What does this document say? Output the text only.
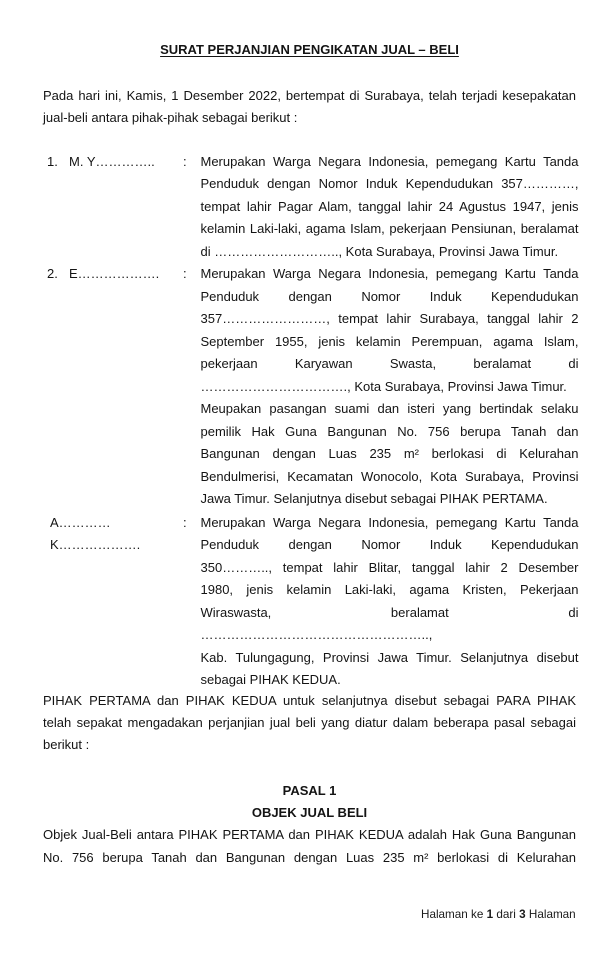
SURAT PERJANJIAN PENGIKATAN JUAL – BELI
Pada hari ini, Kamis, 1 Desember 2022, bertempat di Surabaya, telah terjadi kesepakatan
jual-beli antara pihak-pihak sebagai berikut :
1. M. Y………….. : Merupakan Warga Negara Indonesia, pemegang Kartu Tanda
Penduduk dengan Nomor Induk Kependudukan 357…………,
tempat lahir Pagar Alam, tanggal lahir 24 Agustus 1947, jenis
kelamin Laki-laki, agama Islam, pekerjaan Pensiunan, beralamat
di ……………………….., Kota Surabaya, Provinsi Jawa Timur.
2. E………………. : Merupakan Warga Negara Indonesia, pemegang Kartu Tanda
Penduduk dengan Nomor Induk Kependudukan
357……………………, tempat lahir Surabaya, tanggal lahir 2
September 1955, jenis kelamin Perempuan, agama Islam,
pekerjaan Karyawan Swasta, beralamat di
……………………………., Kota Surabaya, Provinsi Jawa Timur.
Meupakan pasangan suami dan isteri yang bertindak selaku
pemilik Hak Guna Bangunan No. 756 berupa Tanah dan
Bangunan dengan Luas 235 m² berlokasi di Kelurahan
Bendulmerisi, Kecamatan Wonocolo, Kota Surabaya, Provinsi
Jawa Timur. Selanjutnya disebut sebagai PIHAK PERTAMA.
A…………
K……………….
: Merupakan Warga Negara Indonesia, pemegang Kartu Tanda
Penduduk dengan Nomor Induk Kependudukan
350……….., tempat lahir Blitar, tanggal lahir 2 Desember
1980, jenis kelamin Laki-laki, agama Kristen, Pekerjaan
Wiraswasta, beralamat di ……………………………………………..,
Kab. Tulungagung, Provinsi Jawa Timur. Selanjutnya disebut
sebagai PIHAK KEDUA.
PIHAK PERTAMA dan PIHAK KEDUA untuk selanjutnya disebut sebagai PARA PIHAK
telah sepakat mengadakan perjanjian jual beli yang diatur dalam beberapa pasal sebagai
berikut :
PASAL 1
OBJEK JUAL BELI
Objek Jual-Beli antara PIHAK PERTAMA dan PIHAK KEDUA adalah Hak Guna Bangunan
No. 756 berupa Tanah dan Bangunan dengan Luas 235 m² berlokasi di Kelurahan
Halaman ke 1 dari 3 Halaman
